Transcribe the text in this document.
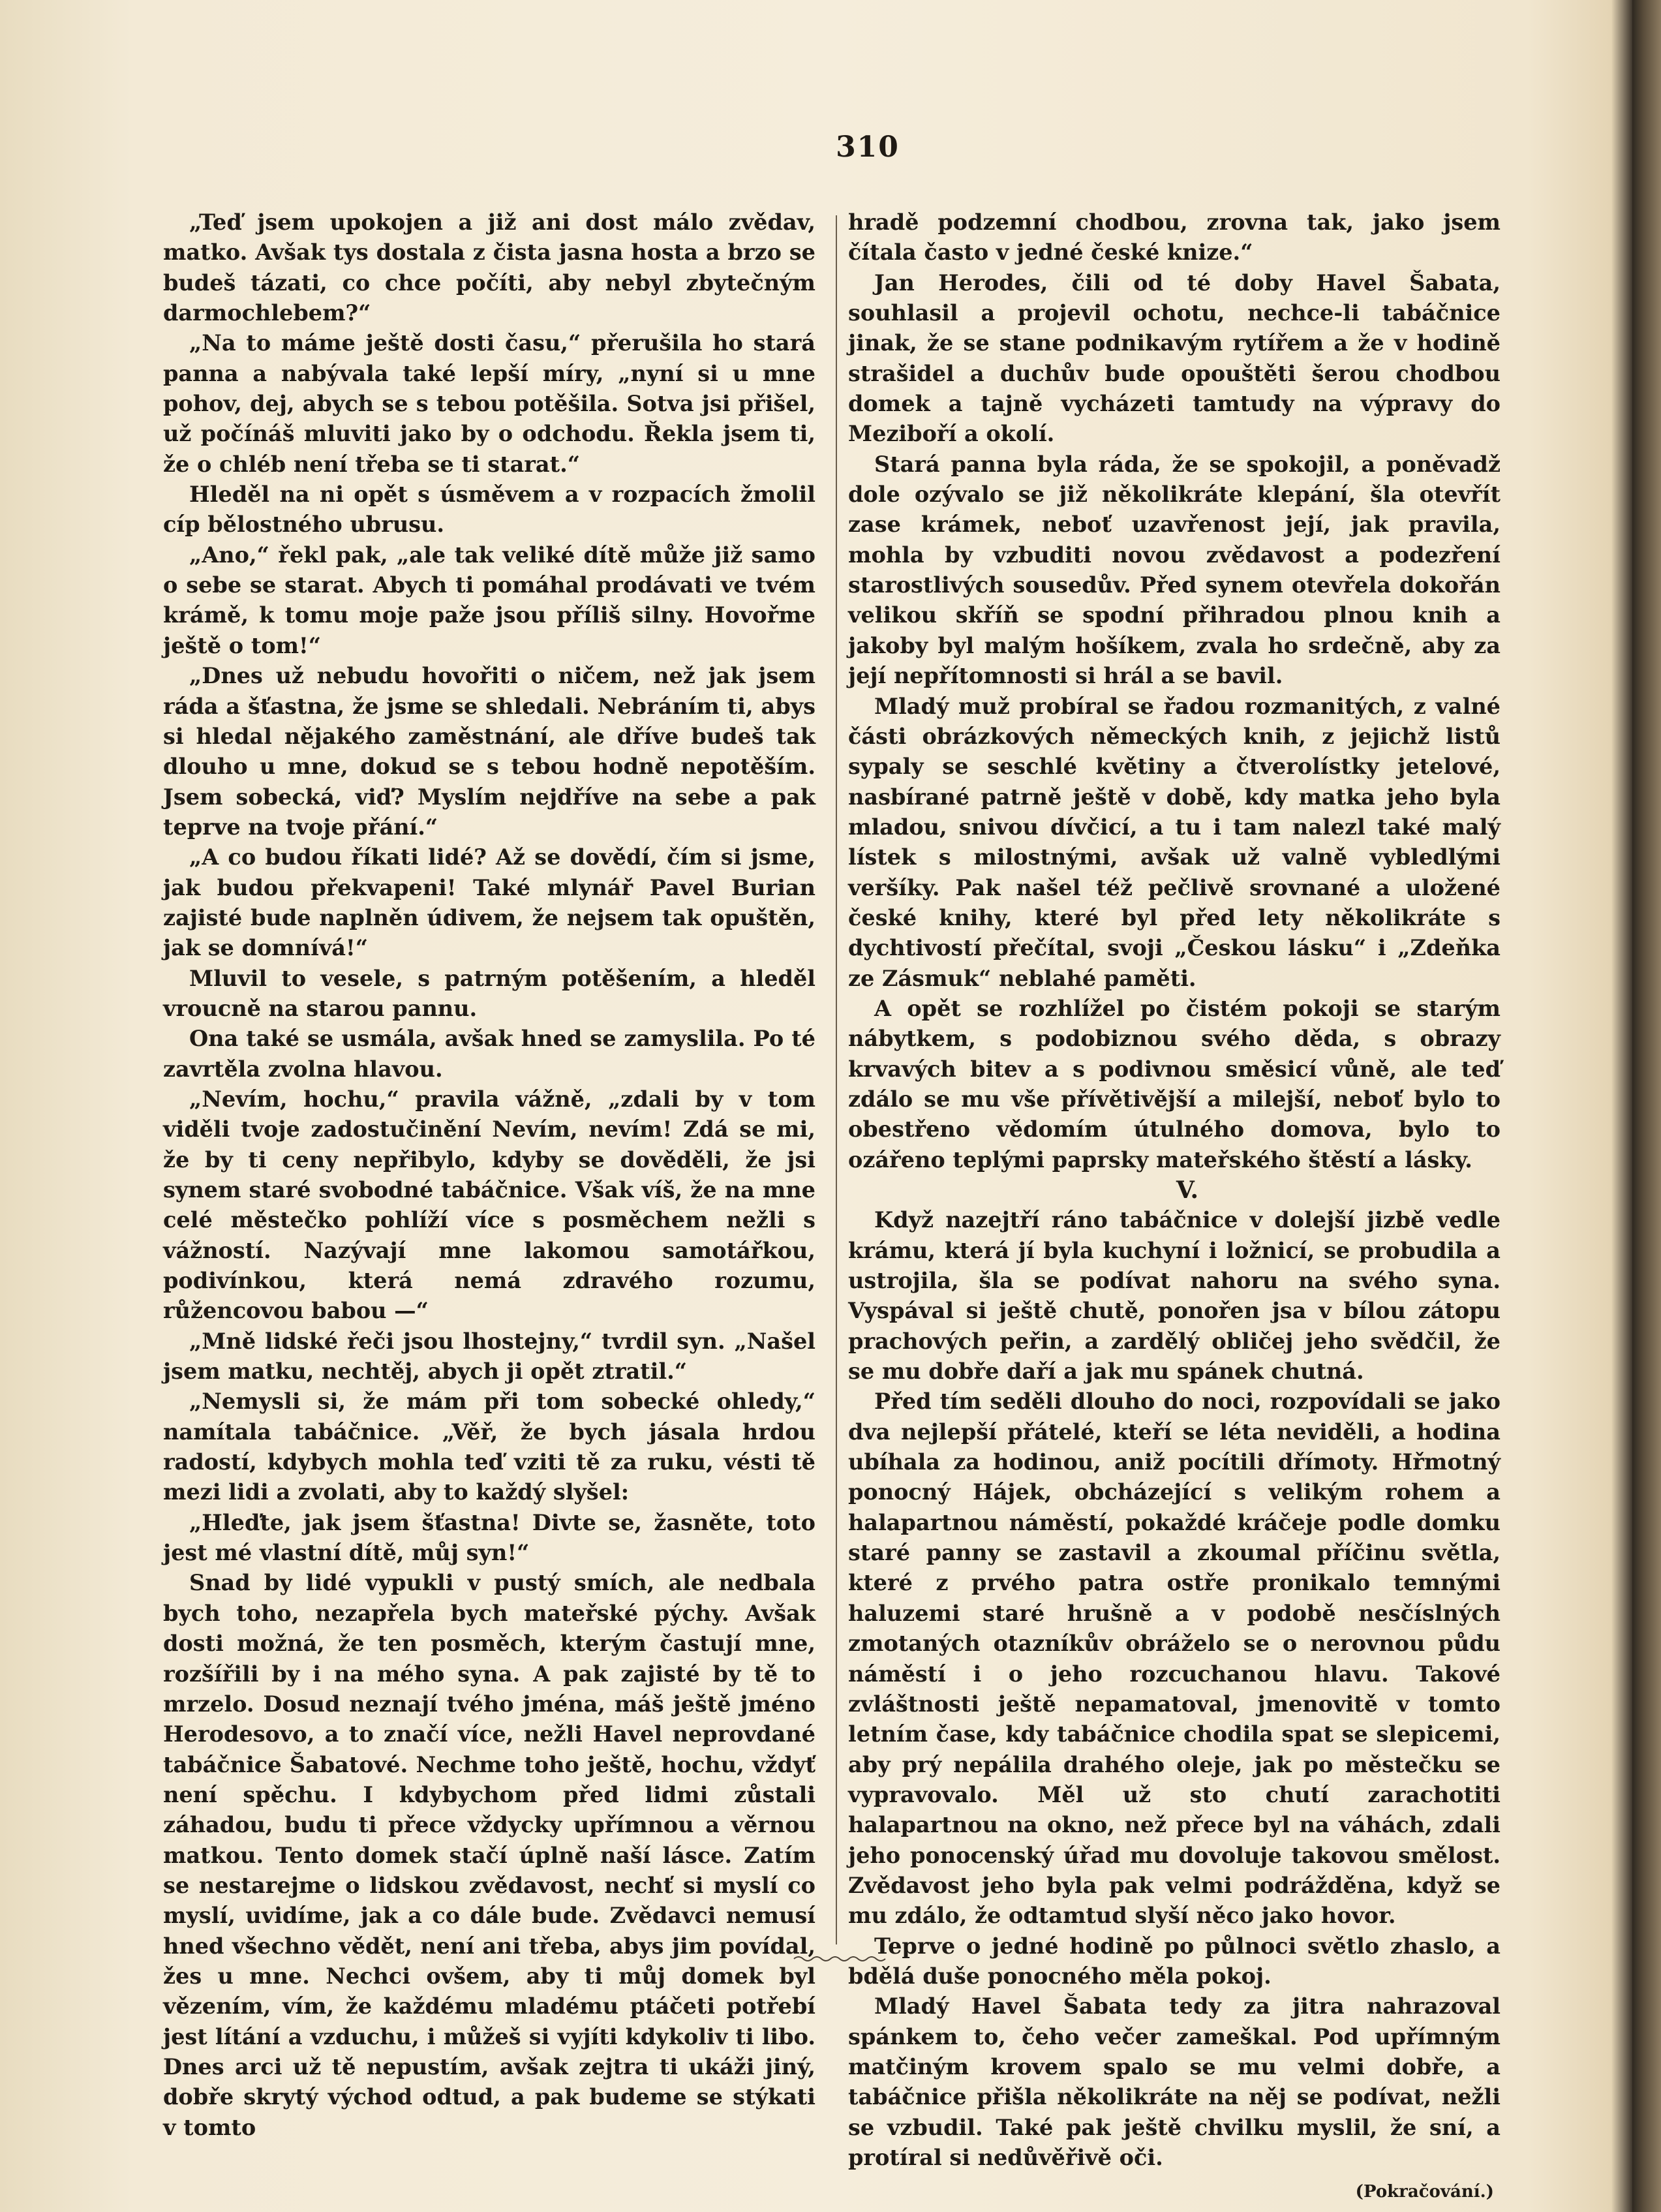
310

„Teď jsem upokojen a již ani dost málo zvědav, matko. Avšak tys dostala z čista jasna hosta a brzo se budeš tázati, co chce počíti, aby nebyl zbytečným darmochlebem?“

„Na to máme ještě dosti času,“ přerušila ho stará panna a nabývala také lepší míry, „nyní si u mne pohov, dej, abych se s tebou potěšila. Sotva jsi přišel, už počínáš mluviti jako by o odchodu. Řekla jsem ti, že o chléb není třeba se ti starat.“

Hleděl na ni opět s úsměvem a v rozpacích žmolil cíp bělostného ubrusu.

„Ano,“ řekl pak, „ale tak veliké dítě může již samo o sebe se starat. Abych ti pomáhal prodávati ve tvém krámě, k tomu moje paže jsou příliš silny. Hovořme ještě o tom!“

„Dnes už nebudu hovořiti o ničem, než jak jsem ráda a šťastna, že jsme se shledali. Nebráním ti, abys si hledal nějakého zaměstnání, ale dříve budeš tak dlouho u mne, dokud se s tebou hodně nepotěším. Jsem sobecká, viď? Myslím nejdříve na sebe a pak teprve na tvoje přání.“

„A co budou říkati lidé? Až se dovědí, čím si jsme, jak budou překvapeni! Také mlynář Pavel Burian zajisté bude naplněn údivem, že nejsem tak opuštěn, jak se domnívá!“

Mluvil to vesele, s patrným potěšením, a hleděl vroucně na starou pannu.

Ona také se usmála, avšak hned se zamyslila. Po té zavrtěla zvolna hlavou.

„Nevím, hochu,“ pravila vážně, „zdali by v tom viděli tvoje zadostučinění Nevím, nevím! Zdá se mi, že by ti ceny nepřibylo, kdyby se dověděli, že jsi synem staré svobodné tabáčnice. Však víš, že na mne celé městečko pohlíží více s posměchem nežli s vážností. Nazývají mne lakomou samotářkou, podivínkou, která nemá zdravého rozumu, růžencovou babou —“

„Mně lidské řeči jsou lhostejny,“ tvrdil syn. „Našel jsem matku, nechtěj, abych ji opět ztratil.“

„Nemysli si, že mám při tom sobecké ohledy,“ namítala tabáčnice. „Věř, že bych jásala hrdou radostí, kdybych mohla teď vziti tě za ruku, vésti tě mezi lidi a zvolati, aby to každý slyšel:

„Hleďte, jak jsem šťastna! Divte se, žasněte, toto jest mé vlastní dítě, můj syn!“

Snad by lidé vypukli v pustý smích, ale nedbala bych toho, nezapřela bych mateřské pýchy. Avšak dosti možná, že ten posměch, kterým častují mne, rozšířili by i na mého syna. A pak zajisté by tě to mrzelo. Dosud neznají tvého jména, máš ještě jméno Herodesovo, a to značí více, nežli Havel neprovdané tabáčnice Šabatové. Nechme toho ještě, hochu, vždyť není spěchu. I kdybychom před lidmi zůstali záhadou, budu ti přece vždycky upřímnou a věrnou matkou. Tento domek stačí úplně naší lásce. Zatím se nestarejme o lidskou zvědavost, nechť si myslí co myslí, uvidíme, jak a co dále bude. Zvědavci nemusí hned všechno vědět, není ani třeba, abys jim povídal, žes u mne. Nechci ovšem, aby ti můj domek byl vězením, vím, že každému mladému ptáčeti potřebí jest lítání a vzduchu, i můžeš si vyjíti kdykoliv ti libo. Dnes arci už tě nepustím, avšak zejtra ti ukáži jiný, dobře skrytý východ odtud, a pak budeme se stýkati v tomto

hradě podzemní chodbou, zrovna tak, jako jsem čítala často v jedné české knize.“

Jan Herodes, čili od té doby Havel Šabata, souhlasil a projevil ochotu, nechce-li tabáčnice jinak, že se stane podnikavým rytířem a že v hodině strašidel a duchův bude opouštěti šerou chodbou domek a tajně vycházeti tamtudy na výpravy do Meziboří a okolí.

Stará panna byla ráda, že se spokojil, a poněvadž dole ozývalo se již několikráte klepání, šla otevřít zase krámek, neboť uzavřenost její, jak pravila, mohla by vzbuditi novou zvědavost a podezření starostlivých sousedův. Před synem otevřela dokořán velikou skříň se spodní přihradou plnou knih a jakoby byl malým hošíkem, zvala ho srdečně, aby za její nepřítomnosti si hrál a se bavil.

Mladý muž probíral se řadou rozmanitých, z valné části obrázkových německých knih, z jejichž listů sypaly se seschlé květiny a čtverolístky jetelové, nasbírané patrně ještě v době, kdy matka jeho byla mladou, snivou dívčicí, a tu i tam nalezl také malý lístek s milostnými, avšak už valně vybledlými veršíky. Pak našel též pečlivě srovnané a uložené české knihy, které byl před lety několikráte s dychtivostí přečítal, svoji „Českou lásku“ i „Zdeňka ze Zásmuk“ neblahé paměti.

A opět se rozhlížel po čistém pokoji se starým nábytkem, s podobiznou svého děda, s obrazy krvavých bitev a s podivnou směsicí vůně, ale teď zdálo se mu vše přívětivější a milejší, neboť bylo to obestřeno vědomím útulného domova, bylo to ozářeno teplými paprsky mateřského štěstí a lásky.

V.

Když nazejtří ráno tabáčnice v dolejší jizbě vedle krámu, která jí byla kuchyní i ložnicí, se probudila a ustrojila, šla se podívat nahoru na svého syna. Vyspával si ještě chutě, ponořen jsa v bílou zátopu prachových peřin, a zardělý obličej jeho svědčil, že se mu dobře daří a jak mu spánek chutná.

Před tím seděli dlouho do noci, rozpovídali se jako dva nejlepší přátelé, kteří se léta neviděli, a hodina ubíhala za hodinou, aniž pocítili dřímoty. Hřmotný ponocný Hájek, obcházející s velikým rohem a halapartnou náměstí, pokaždé kráčeje podle domku staré panny se zastavil a zkoumal příčinu světla, které z prvého patra ostře pronikalo temnými haluzemi staré hrušně a v podobě nesčíslných zmotaných otazníkův obráželo se o nerovnou půdu náměstí i o jeho rozcuchanou hlavu. Takové zvláštnosti ještě nepamatoval, jmenovitě v tomto letním čase, kdy tabáčnice chodila spat se slepicemi, aby prý nepálila drahého oleje, jak po městečku se vypravovalo. Měl už sto chutí zarachotiti halapartnou na okno, než přece byl na váhách, zdali jeho ponocenský úřad mu dovoluje takovou smělost. Zvědavost jeho byla pak velmi podrážděna, když se mu zdálo, že odtamtud slyší něco jako hovor.

Teprve o jedné hodině po půlnoci světlo zhaslo, a bdělá duše ponocného měla pokoj.

Mladý Havel Šabata tedy za jitra nahrazoval spánkem to, čeho večer zameškal. Pod upřímným matčiným krovem spalo se mu velmi dobře, a tabáčnice přišla několikráte na něj se podívat, nežli se vzbudil. Také pak ještě chvilku myslil, že sní, a protíral si nedůvěřivě oči.

(Pokračování.)
